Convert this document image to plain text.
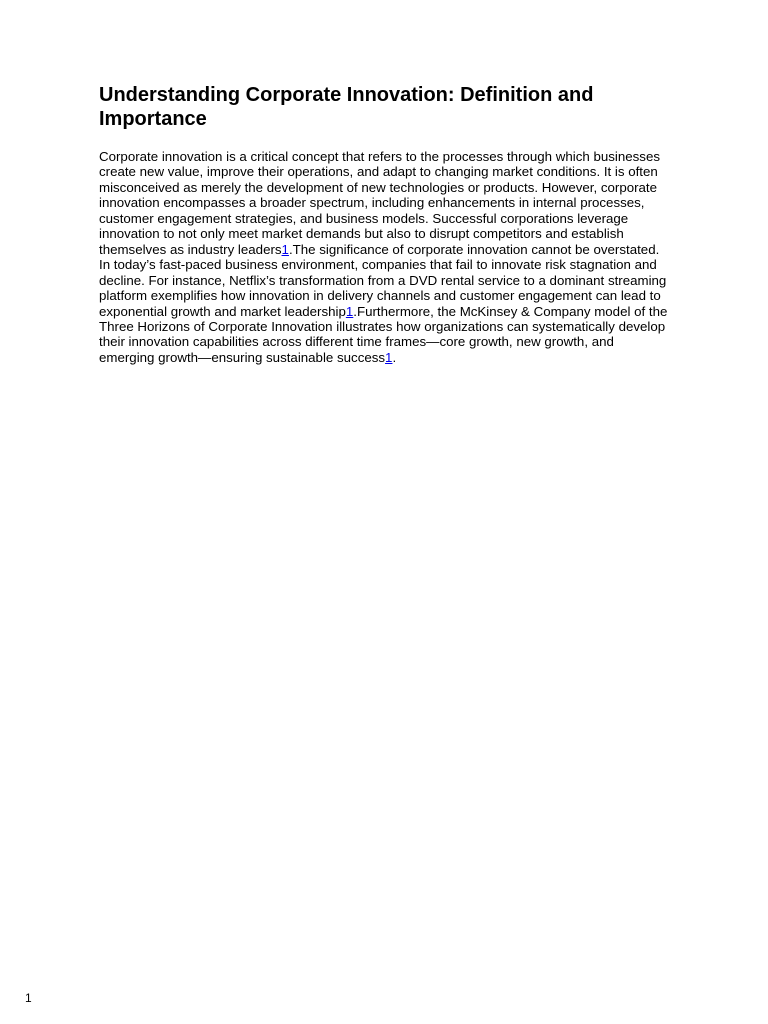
Understanding Corporate Innovation: Definition and Importance

Corporate innovation is a critical concept that refers to the processes through which businesses create new value, improve their operations, and adapt to changing market conditions. It is often misconceived as merely the development of new technologies or products. However, corporate innovation encompasses a broader spectrum, including enhancements in internal processes, customer engagement strategies, and business models. Successful corporations leverage innovation to not only meet market demands but also to disrupt competitors and establish themselves as industry leaders1.The significance of corporate innovation cannot be overstated. In today’s fast-paced business environment, companies that fail to innovate risk stagnation and decline. For instance, Netflix’s transformation from a DVD rental service to a dominant streaming platform exemplifies how innovation in delivery channels and customer engagement can lead to exponential growth and market leadership1.Furthermore, the McKinsey & Company model of the Three Horizons of Corporate Innovation illustrates how organizations can systematically develop their innovation capabilities across different time frames—core growth, new growth, and emerging growth—ensuring sustainable success1.

1
